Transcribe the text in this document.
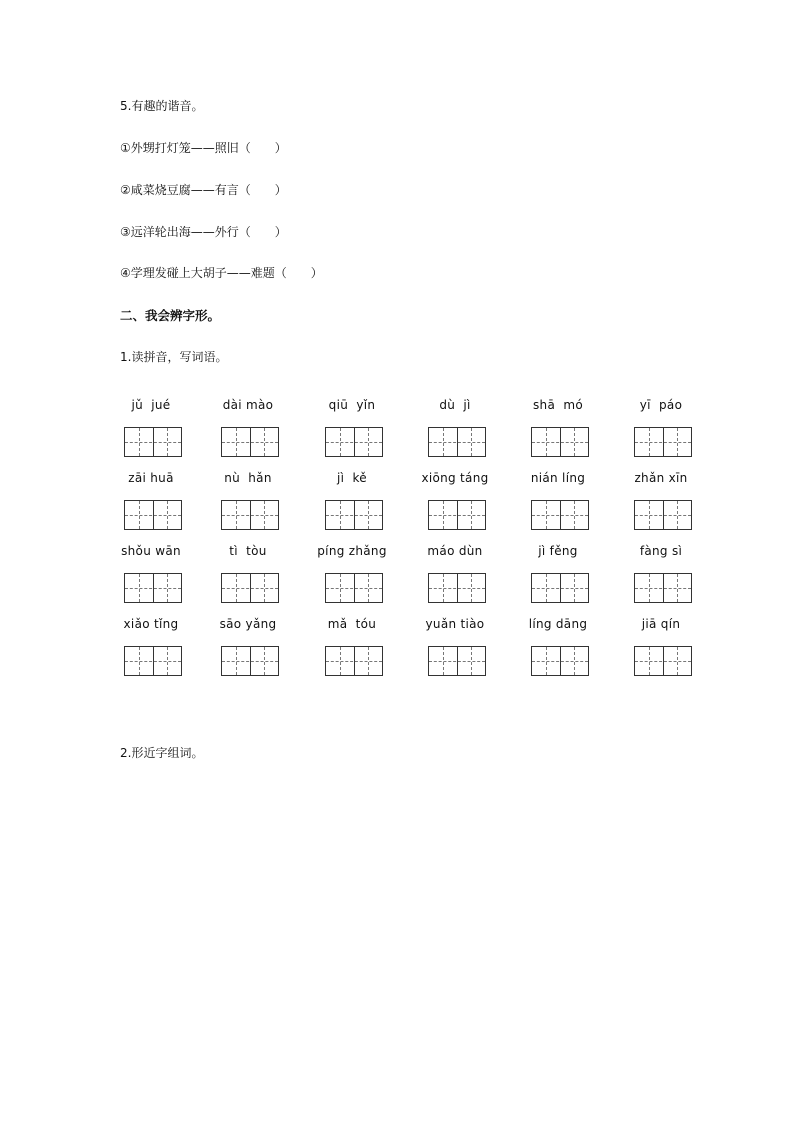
5.有趣的谐音。
①外甥打灯笼——照旧（　　）
②咸菜烧豆腐——有言（　　）
③远洋轮出海——外行（　　）
④学理发碰上大胡子——难题（　　）
二、我会辨字形。
1.读拼音，写词语。
jǔ  jué	dài mào	qiū  yǐn	dù  jì	shā  mó	yī  páo
zāi huā	nù  hǎn	jì  kě	xiōng táng	nián líng	zhǎn xīn
shǒu wān	tì  tòu	píng zhǎng	máo dùn	jì fěng	fàng sì
xiǎo tǐng	sāo yǎng	mǎ  tóu	yuǎn tiào	líng dāng	jiā qín
2.形近字组词。
